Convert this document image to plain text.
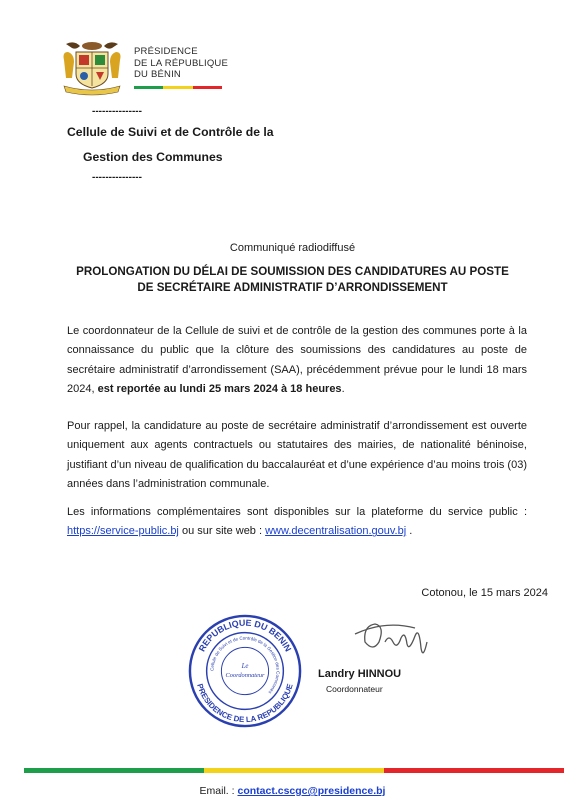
PRÉSIDENCE
DE LA RÉPUBLIQUE
DU BÉNIN
---------------
Cellule de Suivi et de Contrôle de la
Gestion des Communes
---------------
Communiqué radiodiffusé
PROLONGATION DU DÉLAI DE SOUMISSION DES CANDIDATURES AU POSTE
DE SECRÉTAIRE ADMINISTRATIF D’ARRONDISSEMENT
Le coordonnateur de la Cellule de suivi et de contrôle de la gestion des communes porte à la connaissance du public que la clôture des soumissions des candidatures au poste de secrétaire administratif d’arrondissement (SAA), précédemment prévue pour le lundi 18 mars 2024, est reportée au lundi 25 mars 2024 à 18 heures.
Pour rappel, la candidature au poste de secrétaire administratif d’arrondissement est ouverte uniquement aux agents contractuels ou statutaires des mairies, de nationalité béninoise, justifiant d’un niveau de qualification du baccalauréat et d’une expérience d’au moins trois (03) années dans l’administration communale.
Les informations complémentaires sont disponibles sur la plateforme du service public : https://service-public.bj ou sur site web : www.decentralisation.gouv.bj .
Cotonou, le 15 mars 2024
REPUBLIQUE DU BENIN
PRESIDENCE DE LA REPUBLIQUE
Cellule de Suivi et de Contrôle de la Gestion des Communes
Le
Coordonnateur	Landry HINNOU
Coordonnateur
Email. : contact.cscgc@presidence.bj
